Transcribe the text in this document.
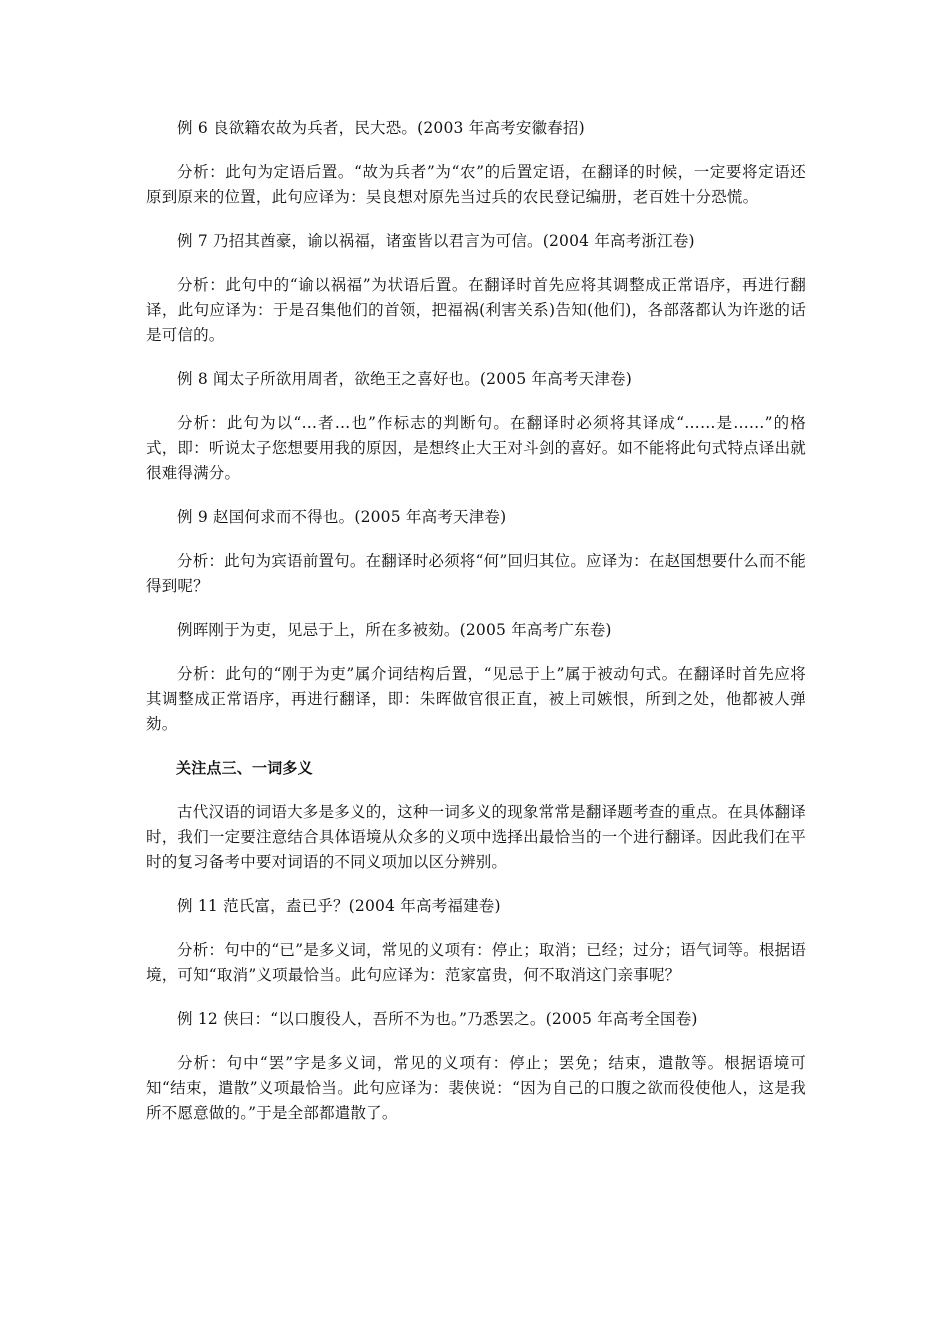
例 6 良欲籍农故为兵者，民大恐。(2003 年高考安徽春招)

分析：此句为定语后置。“故为兵者”为“农”的后置定语，在翻译的时候，一定要将定语还原到原来的位置，此句应译为：吴良想对原先当过兵的农民登记编册，老百姓十分恐慌。

例 7 乃招其酋豪，谕以祸福，诸蛮皆以君言为可信。(2004 年高考浙江卷)

分析：此句中的“谕以祸福”为状语后置。在翻译时首先应将其调整成正常语序，再进行翻译，此句应译为：于是召集他们的首领，把福祸(利害关系)告知(他们)，各部落都认为许逖的话是可信的。

例 8 闻太子所欲用周者，欲绝王之喜好也。(2005 年高考天津卷)

分析：此句为以“…者…也”作标志的判断句。在翻译时必须将其译成“……是……”的格式，即：听说太子您想要用我的原因，是想终止大王对斗剑的喜好。如不能将此句式特点译出就很难得满分。

例 9 赵国何求而不得也。(2005 年高考天津卷)

分析：此句为宾语前置句。在翻译时必须将“何”回归其位。应译为：在赵国想要什么而不能得到呢？

例晖刚于为吏，见忌于上，所在多被劾。(2005 年高考广东卷)

分析：此句的“刚于为吏”属介词结构后置，“见忌于上”属于被动句式。在翻译时首先应将其调整成正常语序，再进行翻译，即：朱晖做官很正直，被上司嫉恨，所到之处，他都被人弹劾。

关注点三、一词多义

古代汉语的词语大多是多义的，这种一词多义的现象常常是翻译题考查的重点。在具体翻译时，我们一定要注意结合具体语境从众多的义项中选择出最恰当的一个进行翻译。因此我们在平时的复习备考中要对词语的不同义项加以区分辨别。

例 11 范氏富，盍已乎？(2004 年高考福建卷)

分析：句中的“已”是多义词，常见的义项有：停止；取消；已经；过分；语气词等。根据语境，可知“取消”义项最恰当。此句应译为：范家富贵，何不取消这门亲事呢？

例 12 侠曰：“以口腹役人，吾所不为也。”乃悉罢之。(2005 年高考全国卷)

分析：句中“罢”字是多义词，常见的义项有：停止；罢免；结束，遣散等。根据语境可知“结束，遣散”义项最恰当。此句应译为：裴侠说：“因为自己的口腹之欲而役使他人，这是我所不愿意做的。”于是全部都遣散了。
